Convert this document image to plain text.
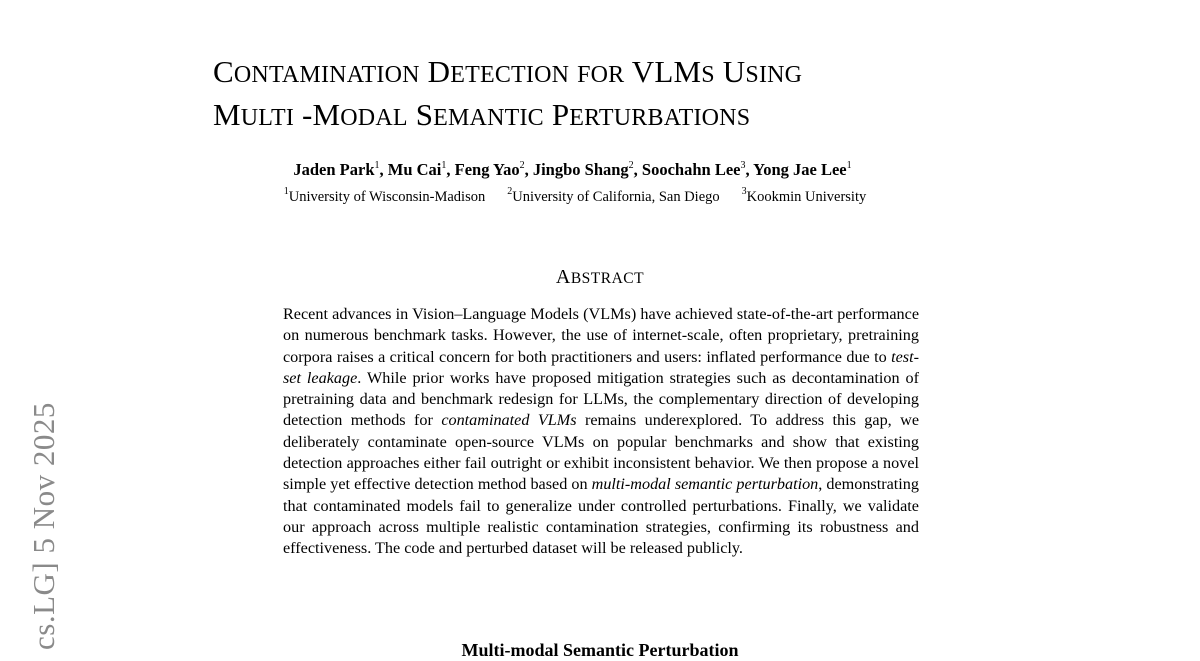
cs.LG] 5 Nov 2025
CONTAMINATION DETECTION FOR VLMS USING
MULTI -MODAL SEMANTIC PERTURBATIONS
Jaden Park$^1$, Mu Cai$^1$, Feng Yao$^2$, Jingbo Shang$^2$, Soochahn Lee$^3$, Yong Jae Lee$^1$
$^1$University of Wisconsin-Madison $^2$University of California, San Diego $^3$Kookmin University
ABSTRACT
Recent advances in Vision–Language Models (VLMs) have achieved state-of-the-art performance on numerous benchmark tasks. However, the use of internet-scale, often proprietary, pretraining corpora raises a critical concern for both practitioners and users: inflated performance due to test-set leakage. While prior works have proposed mitigation strategies such as decontamination of pretraining data and benchmark redesign for LLMs, the complementary direction of developing detection methods for contaminated VLMs remains underexplored. To address this gap, we deliberately contaminate open-source VLMs on popular benchmarks and show that existing detection approaches either fail outright or exhibit inconsistent behavior. We then propose a novel simple yet effective detection method based on multi-modal semantic perturbation, demonstrating that contaminated models fail to generalize under controlled perturbations. Finally, we validate our approach across multiple realistic contamination strategies, confirming its robustness and effectiveness. The code and perturbed dataset will be released publicly.
Multi-modal Semantic Perturbation
